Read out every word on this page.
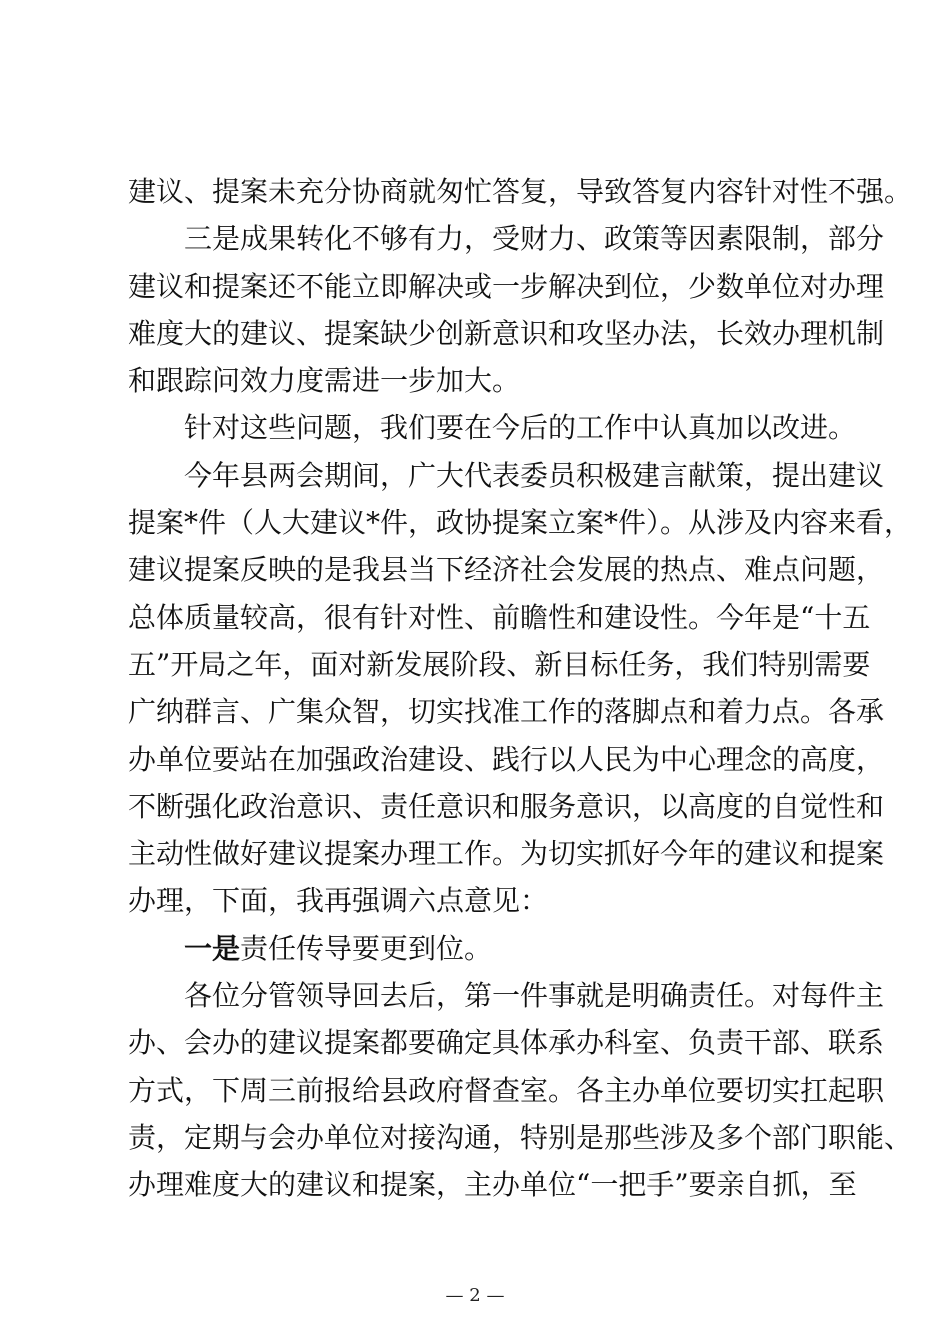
建议、提案未充分协商就匆忙答复，导致答复内容针对性不强。
三是成果转化不够有力，受财力、政策等因素限制，部分
建议和提案还不能立即解决或一步解决到位，少数单位对办理
难度大的建议、提案缺少创新意识和攻坚办法，长效办理机制
和跟踪问效力度需进一步加大。
针对这些问题，我们要在今后的工作中认真加以改进。
今年县两会期间，广大代表委员积极建言献策，提出建议
提案*件（人大建议*件，政协提案立案*件）。从涉及内容来看，
建议提案反映的是我县当下经济社会发展的热点、难点问题，
总体质量较高，很有针对性、前瞻性和建设性。今年是“十五
五”开局之年，面对新发展阶段、新目标任务，我们特别需要
广纳群言、广集众智，切实找准工作的落脚点和着力点。各承
办单位要站在加强政治建设、践行以人民为中心理念的高度，
不断强化政治意识、责任意识和服务意识，以高度的自觉性和
主动性做好建议提案办理工作。为切实抓好今年的建议和提案
办理，下面，我再强调六点意见：
一是责任传导要更到位。
各位分管领导回去后，第一件事就是明确责任。对每件主
办、会办的建议提案都要确定具体承办科室、负责干部、联系
方式，下周三前报给县政府督查室。各主办单位要切实扛起职
责，定期与会办单位对接沟通，特别是那些涉及多个部门职能、
办理难度大的建议和提案，主办单位“一把手”要亲自抓，至
— 2 —
